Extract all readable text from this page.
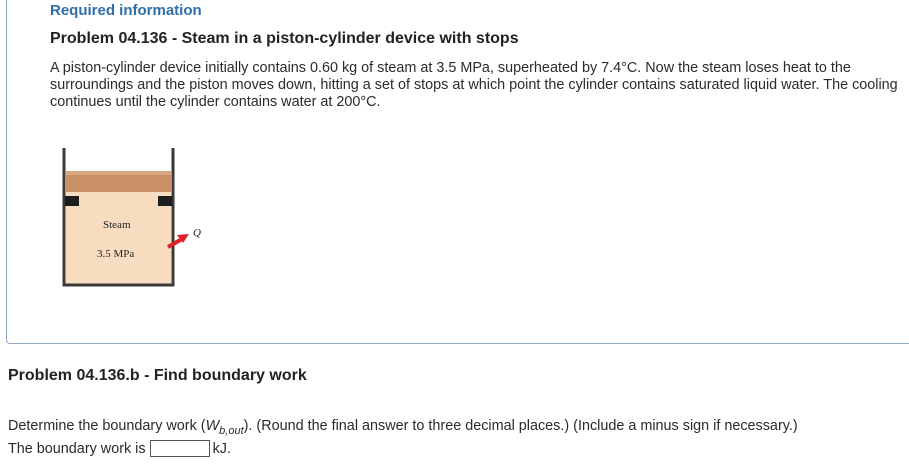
Required information
Problem 04.136 - Steam in a piston-cylinder device with stops
A piston-cylinder device initially contains 0.60 kg of steam at 3.5 MPa, superheated by 7.4°C. Now the steam loses heat to the surroundings and the piston moves down, hitting a set of stops at which point the cylinder contains saturated liquid water. The cooling continues until the cylinder contains water at 200°C.
Steam
3.5 MPa
Q
Problem 04.136.b - Find boundary work
Determine the boundary work $(W_{b,out})$. (Round the final answer to three decimal places.) (Include a minus sign if necessary.)
The boundary work is	kJ.
